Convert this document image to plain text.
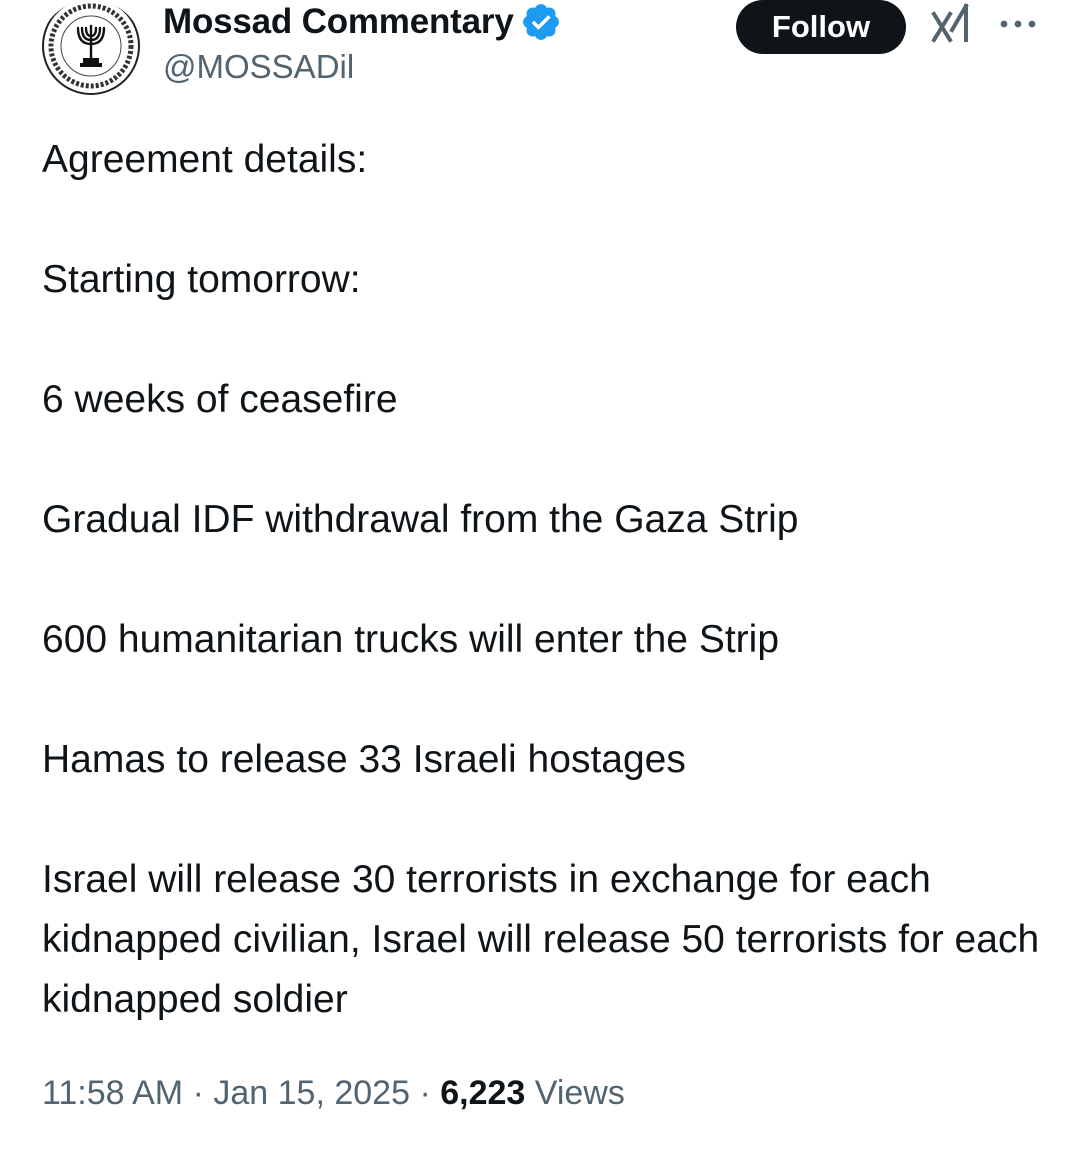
Mossad Commentary
@MOSSADil
Follow

Agreement details:

Starting tomorrow:

6 weeks of ceasefire

Gradual IDF withdrawal from the Gaza Strip

600 humanitarian trucks will enter the Strip

Hamas to release 33 Israeli hostages

Israel will release 30 terrorists in exchange for each kidnapped civilian, Israel will release 50 terrorists for each kidnapped soldier

11:58 AM · Jan 15, 2025 · 6,223 Views
